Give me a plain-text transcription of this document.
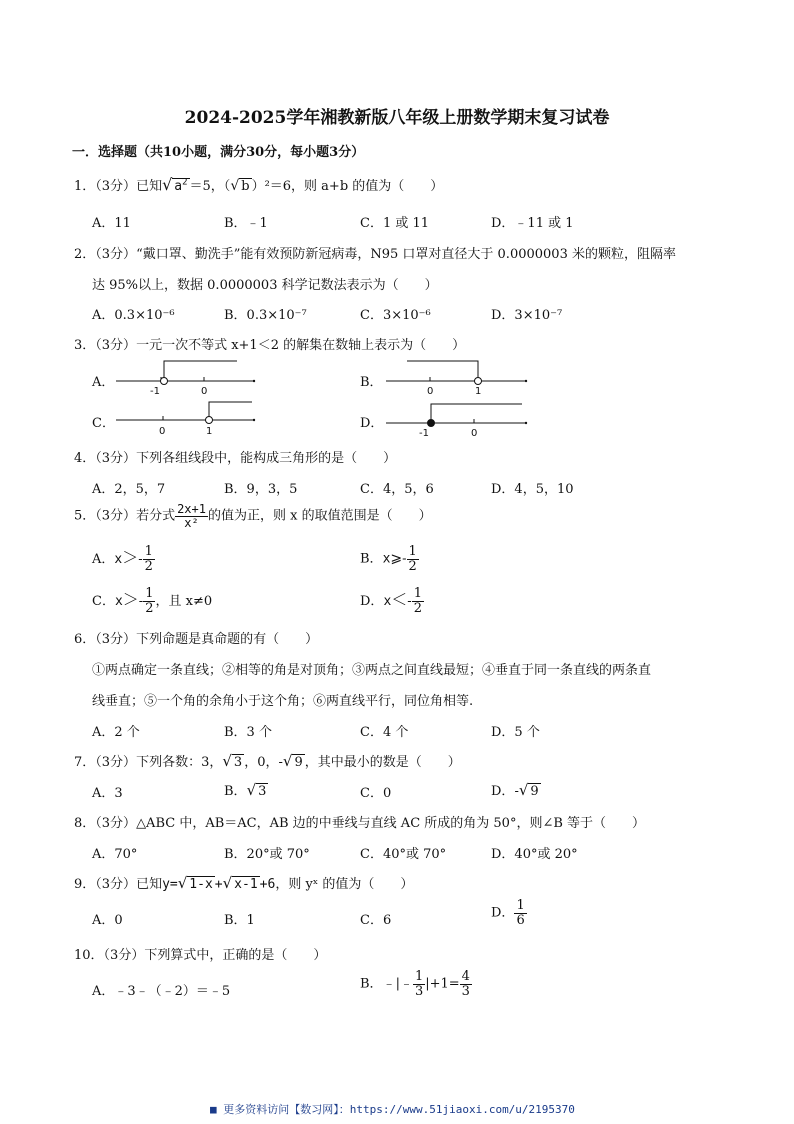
2024-2025学年湘教新版八年级上册数学期末复习试卷
一．选择题（共10小题，满分30分，每小题3分）
1．（3分）已知√ $a^2 =5$，（√ b ）²＝6，则 a+b 的值为（　　）
A．11	B．﹣1	C．1 或 11	D．﹣11 或 1
2．（3分）“戴口罩、勤洗手”能有效预防新冠病毒，N95 口罩对直径大于 0.0000003 米的颗粒，阻隔率
达 95%以上，数据 0.0000003 科学记数法表示为（　　）
A．0.3×10⁻⁶	B．0.3×10⁻⁷	C．3×10⁻⁶	D．3×10⁻⁷
3．（3分）一元一次不等式 x+1＜2 的解集在数轴上表示为（　　）
A．	B．
C．	D．
-1	0	0	1
0	1	-1	0
4．（3分）下列各组线段中，能构成三角形的是（　　）
A．2，5，7	B．9，3，5	C．4，5，6	D．4，5，10
5．（3分）若分式 $\frac{2x+1}{\text{x²}}$ 的值为正，则 x 的取值范围是（　　）
A．$x>- \frac{1}{2}$	B．x⩾- $\frac{1}{2}$
C．$x>- \frac{1}{2}$ ，且 x≠0	D．$x<- \frac{1}{2}$
6．（3分）下列命题是真命题的有（　　）
①两点确定一条直线；②相等的角是对顶角；③两点之间直线最短；④垂直于同一条直线的两条直
线垂直；⑤一个角的余角小于这个角；⑥两直线平行，同位角相等.
A．2 个	B．3 个	C．4 个	D．5 个
7．（3分）下列各数：3，√ 3 ，0，-√ 9 ，其中最小的数是（　　）
A．3	B．√ 3	C．0	D．-√ 9
8．（3分）△ABC 中，AB＝AC，AB 边的中垂线与直线 AC 所成的角为 50°，则∠B 等于（　　）
A．70°	B．20°或 70°	C．40°或 70°	D．40°或 20°
9．（3分）已知y=√ 1-x +√ x-1 +6，则 yˣ 的值为（　　）
A．0	B．1	C．6	D． $\frac{1}{6}$
10．（3分）下列算式中，正确的是（　　）
A．﹣3﹣（﹣2）＝﹣5	B．﹣|﹣ $\frac{1}{3} |+1= \frac{4}{3}$
■ 更多资料访问【数习网】：https://www.51jiaoxi.com/u/2195370
